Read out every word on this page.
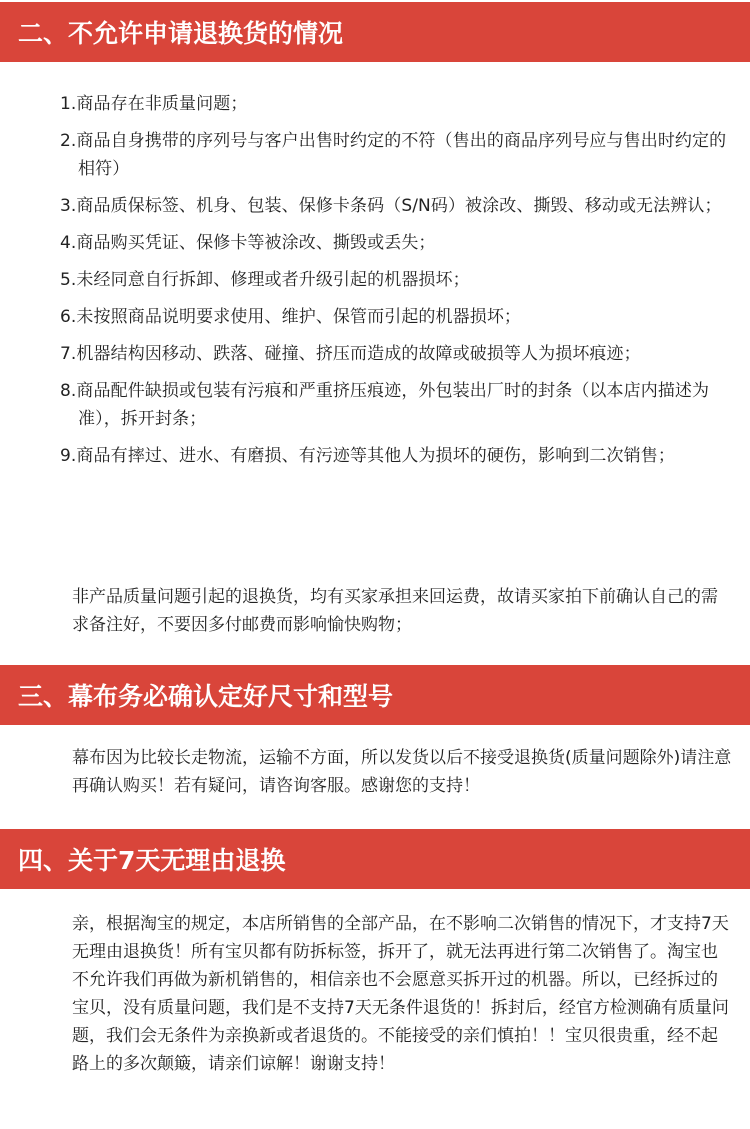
二、不允许申请退换货的情况
1.商品存在非质量问题；
2.商品自身携带的序列号与客户出售时约定的不符（售出的商品序列号应与售出时约定的相符）
3.商品质保标签、机身、包装、保修卡条码（S/N码）被涂改、撕毁、移动或无法辨认；
4.商品购买凭证、保修卡等被涂改、撕毁或丢失；
5.未经同意自行拆卸、修理或者升级引起的机器损坏；
6.未按照商品说明要求使用、维护、保管而引起的机器损坏；
7.机器结构因移动、跌落、碰撞、挤压而造成的故障或破损等人为损坏痕迹；
8.商品配件缺损或包装有污痕和严重挤压痕迹，外包装出厂时的封条（以本店内描述为准），拆开封条；
9.商品有摔过、进水、有磨损、有污迹等其他人为损坏的硬伤，影响到二次销售；

非产品质量问题引起的退换货，均有买家承担来回运费，故请买家拍下前确认自己的需求备注好，不要因多付邮费而影响愉快购物；

三、幕布务必确认定好尺寸和型号

幕布因为比较长走物流，运输不方面，所以发货以后不接受退换货(质量问题除外)请注意再确认购买！若有疑问，请咨询客服。感谢您的支持！

四、关于7天无理由退换

亲，根据淘宝的规定，本店所销售的全部产品，在不影响二次销售的情况下，才支持7天无理由退换货！所有宝贝都有防拆标签，拆开了，就无法再进行第二次销售了。淘宝也不允许我们再做为新机销售的，相信亲也不会愿意买拆开过的机器。所以，已经拆过的宝贝，没有质量问题，我们是不支持7天无条件退货的！拆封后，经官方检测确有质量问题，我们会无条件为亲换新或者退货的。不能接受的亲们慎拍！！宝贝很贵重，经不起路上的多次颠簸，请亲们谅解！谢谢支持！
